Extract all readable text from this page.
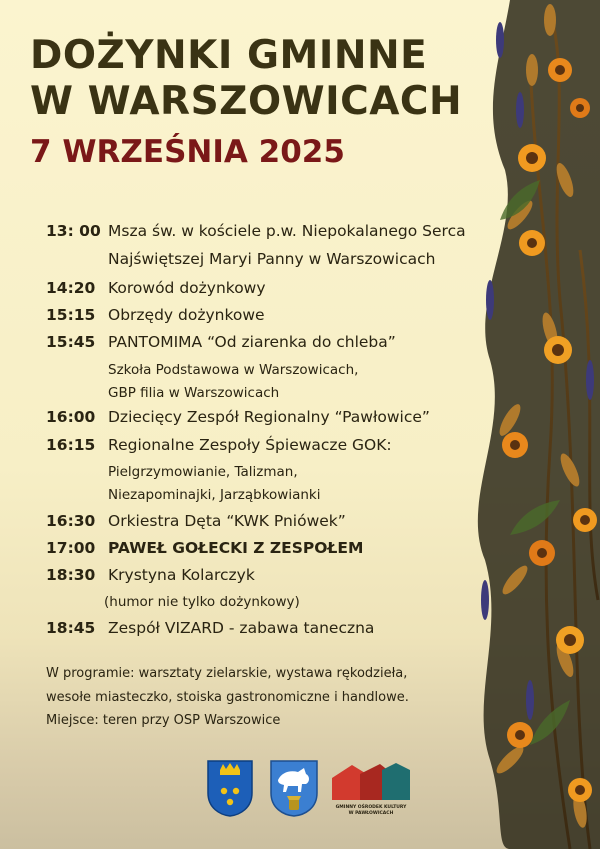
DOŻYNKI GMINNE
W WARSZOWICACH
7 WRZEŚNIA 2025
13: 00 Msza św. w kościele p.w. Niepokalanego Serca
Najświętszej Maryi Panny w Warszowicach
14:20 Korowód dożynkowy
15:15 Obrzędy dożynkowe
15:45 PANTOMIMA “Od ziarenka do chleba”
Szkoła Podstawowa w Warszowicach,
GBP filia w Warszowicach
16:00 Dziecięcy Zespół Regionalny “Pawłowice”
16:15 Regionalne Zespoły Śpiewacze GOK:
Pielgrzymowianie, Talizman,
Niezapominajki, Jarząbkowianki
16:30 Orkiestra Dęta “KWK Pniówek”
17:00 PAWEŁ GOŁECKI Z ZESPOŁEM
18:30 Krystyna Kolarczyk
(humor nie tylko dożynkowy)
18:45 Zespół VIZARD - zabawa taneczna
W programie: warsztaty zielarskie, wystawa rękodzieła,
wesołe miasteczko, stoiska gastronomiczne i handlowe.
Miejsce: teren przy OSP Warszowice
GMINNY OŚRODEK KULTURY
W PAWŁOWICACH
